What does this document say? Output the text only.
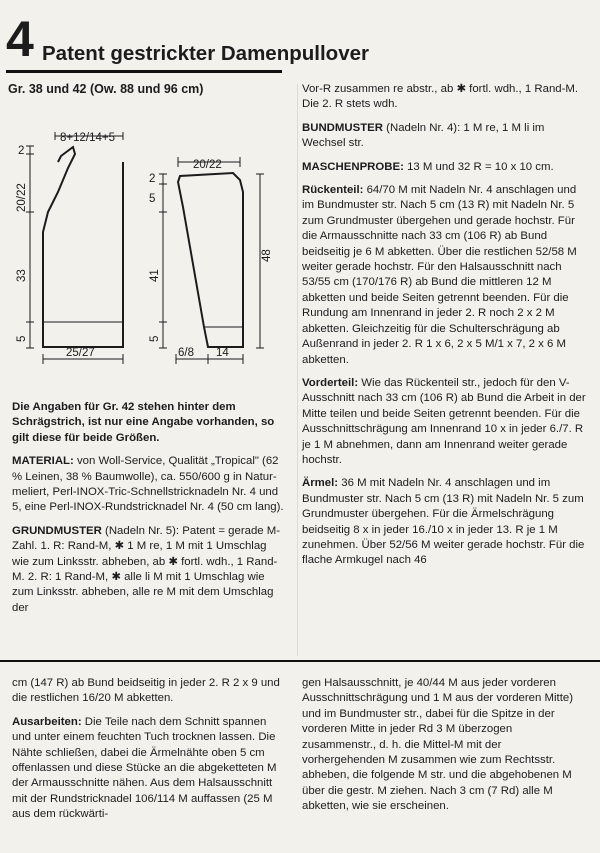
4 Patent gestrickter Damenpullover
Gr. 38 und 42 (Ow. 88 und 96 cm)
8+12/14+5
2
20/22
33
5
25/27
20/22
2
5
41
5
48
6/8 14

Die Angaben für Gr. 42 stehen hinter dem Schrägstrich, ist nur eine Angabe vorhanden, so gilt diese für beide Größen.

MATERIAL: von Woll-Service, Qualität „Tropical" (62 % Leinen, 38 % Baumwolle), ca. 550/600 g in Natur-meliert, Perl-INOX-Tric-Schnellstricknadeln Nr. 4 und 5, eine Perl-INOX-Rundstricknadel Nr. 4 (50 cm lang).

GRUNDMUSTER (Nadeln Nr. 5): Patent = gerade M-Zahl. 1. R: Rand-M, ✱ 1 M re, 1 M mit 1 Umschlag wie zum Linksstr. abheben, ab ✱ fortl. wdh., 1 Rand-M. 2. R: 1 Rand-M, ✱ alle li M mit 1 Umschlag wie zum Linksstr. abheben, alle re M mit dem Umschlag der

Vor-R zusammen re abstr., ab ✱ fortl. wdh., 1 Rand-M. Die 2. R stets wdh.

BUNDMUSTER (Nadeln Nr. 4): 1 M re, 1 M li im Wechsel str.

MASCHENPROBE: 13 M und 32 R = 10 x 10 cm.

Rückenteil: 64/70 M mit Nadeln Nr. 4 anschlagen und im Bundmuster str. Nach 5 cm (13 R) mit Nadeln Nr. 5 zum Grundmuster übergehen und gerade hochstr. Für die Armausschnitte nach 33 cm (106 R) ab Bund beidseitig je 6 M abketten. Über die restlichen 52/58 M weiter gerade hochstr. Für den Halsausschnitt nach 53/55 cm (170/176 R) ab Bund die mittleren 12 M abketten und beide Seiten getrennt beenden. Für die Rundung am Innenrand in jeder 2. R noch 2 x 2 M abketten. Gleichzeitig für die Schulterschrägung ab Außenrand in jeder 2. R 1 x 6, 2 x 5 M/1 x 7, 2 x 6 M abketten.

Vorderteil: Wie das Rückenteil str., jedoch für den V-Ausschnitt nach 33 cm (106 R) ab Bund die Arbeit in der Mitte teilen und beide Seiten getrennt beenden. Für die Ausschnittschrägung am Innenrand 10 x in jeder 6./7. R je 1 M abnehmen, dann am Innenrand weiter gerade hochstr.

Ärmel: 36 M mit Nadeln Nr. 4 anschlagen und im Bundmuster str. Nach 5 cm (13 R) mit Nadeln Nr. 5 zum Grundmuster übergehen. Für die Ärmelschrägung beidseitig 8 x in jeder 16./10 x in jeder 13. R je 1 M zunehmen. Über 52/56 M weiter gerade hochstr. Für die flache Armkugel nach 46

cm (147 R) ab Bund beidseitig in jeder 2. R 2 x 9 und die restlichen 16/20 M abketten.

Ausarbeiten: Die Teile nach dem Schnitt spannen und unter einem feuchten Tuch trocknen lassen. Die Nähte schließen, dabei die Ärmelnähte oben 5 cm offenlassen und diese Stücke an die abgeketteten M der Armausschnitte nähen. Aus dem Halsausschnitt mit der Rundstricknadel 106/114 M auffassen (25 M aus dem rückwärti-

gen Halsausschnitt, je 40/44 M aus jeder vorderen Ausschnittschrägung und 1 M aus der vorderen Mitte) und im Bundmuster str., dabei für die Spitze in der vorderen Mitte in jeder Rd 3 M überzogen zusammenstr., d. h. die Mittel-M mit der vorhergehenden M zusammen wie zum Rechtsstr. abheben, die folgende M str. und die abgehobenen M über die gestr. M ziehen. Nach 3 cm (7 Rd) alle M abketten, wie sie erscheinen.
